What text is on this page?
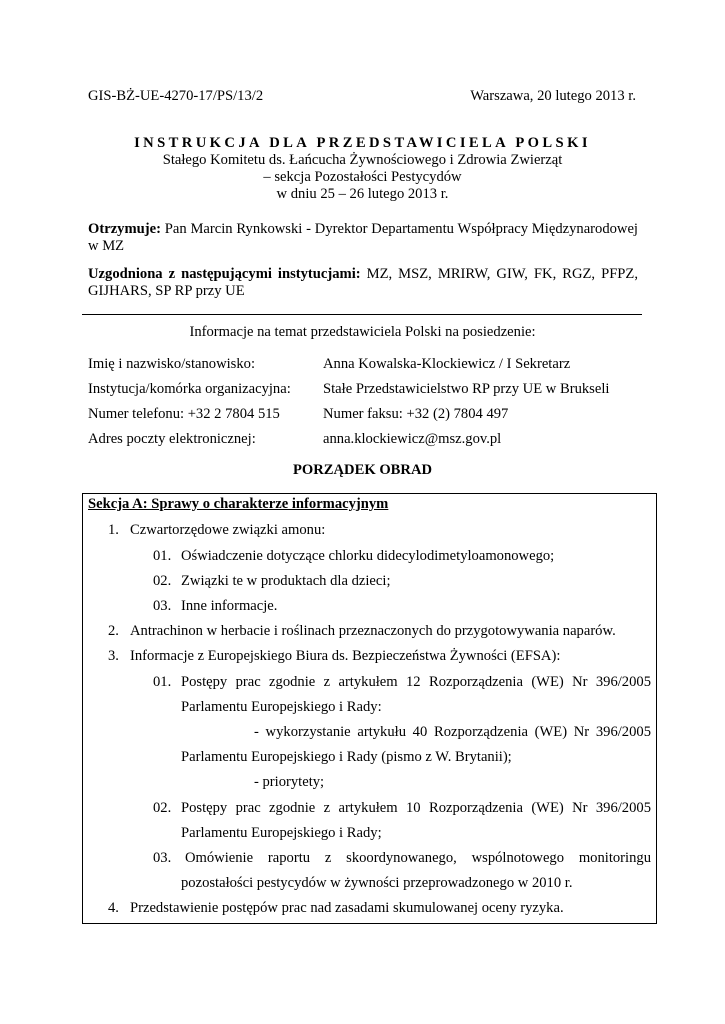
GIS-BŻ-UE-4270-17/PS/13/2	Warszawa, 20 lutego 2013 r.
INSTRUKCJA DLA PRZEDSTAWICIELA POLSKI
Stałego Komitetu ds. Łańcucha Żywnościowego i Zdrowia Zwierząt
– sekcja Pozostałości Pestycydów
w dniu 25 – 26 lutego 2013 r.
Otrzymuje: Pan Marcin Rynkowski - Dyrektor Departamentu Współpracy Międzynarodowej w MZ
Uzgodniona z następującymi instytucjami: MZ, MSZ, MRIRW, GIW, FK, RGZ, PFPZ, GIJHARS, SP RP przy UE
Informacje na temat przedstawiciela Polski na posiedzenie:
Imię i nazwisko/stanowisko:	Anna Kowalska-Klockiewicz / I Sekretarz
Instytucja/komórka organizacyjna: Stałe Przedstawicielstwo RP przy UE w Brukseli
Numer telefonu: +32 2 7804 515	Numer faksu: +32 (2) 7804 497
Adres poczty elektronicznej:	anna.klockiewicz@msz.gov.pl
PORZĄDEK OBRAD
Sekcja A: Sprawy o charakterze informacyjnym
1. Czwartorzędowe związki amonu:
01. Oświadczenie dotyczące chlorku didecylodimetyloamonowego;
02. Związki te w produktach dla dzieci;
03. Inne informacje.
2. Antrachinon w herbacie i roślinach przeznaczonych do przygotowywania naparów.
3. Informacje z Europejskiego Biura ds. Bezpieczeństwa Żywności (EFSA):
01. Postępy prac zgodnie z artykułem 12 Rozporządzenia (WE) Nr 396/2005
Parlamentu Europejskiego i Rady:
- wykorzystanie artykułu 40 Rozporządzenia (WE) Nr 396/2005
Parlamentu Europejskiego i Rady (pismo z W. Brytanii);
- priorytety;
02. Postępy prac zgodnie z artykułem 10 Rozporządzenia (WE) Nr 396/2005
Parlamentu Europejskiego i Rady;
03. Omówienie raportu z skoordynowanego, wspólnotowego monitoringu
pozostałości pestycydów w żywności przeprowadzonego w 2010 r.
4. Przedstawienie postępów prac nad zasadami skumulowanej oceny ryzyka.
